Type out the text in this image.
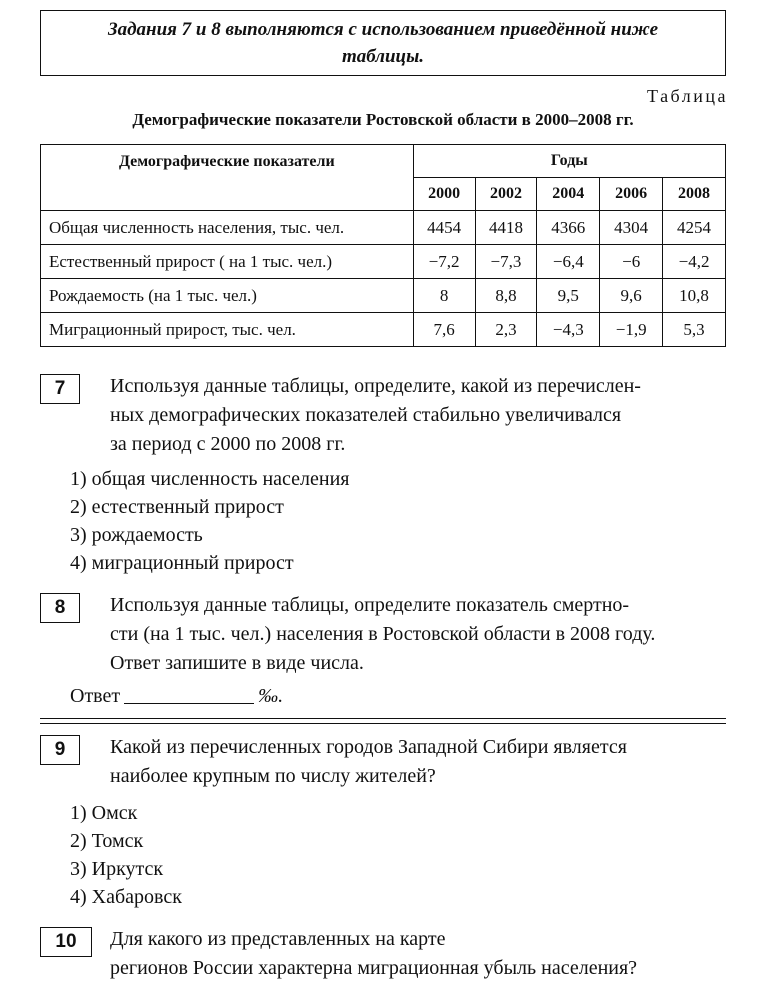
Задания 7 и 8 выполняются с использованием приведённой ниже
таблицы.
Таблица
Демографические показатели Ростовской области в 2000–2008 гг.
Демографические показатели	Годы				
	2000	2002	2004	2006	2008
Общая численность населения, тыс. чел.	4454	4418	4366	4304	4254
Естественный прирост ( на 1 тыс. чел.)	−7,2	−7,3	−6,4	−6	−4,2
Рождаемость (на 1 тыс. чел.)	8	8,8	9,5	9,6	10,8
Миграционный прирост, тыс. чел.	7,6	2,3	−4,3	−1,9	5,3
7	Используя данные таблицы, определите, какой из перечислен-
ных демографических показателей стабильно увеличивался
за период с 2000 по 2008 гг.
1) общая численность населения
2) естественный прирост
3) рождаемость
4) миграционный прирост
8	Используя данные таблицы, определите показатель смертно-
сти (на 1 тыс. чел.) населения в Ростовской области в 2008 году.
Ответ запишите в виде числа.
Ответ	‰.
9	Какой из перечисленных городов Западной Сибири является
наиболее крупным по числу жителей?
1) Омск
2) Томск
3) Иркутск
4) Хабаровск
10	Для какого из представленных на карте
регионов России характерна миграционная убыль населения?
